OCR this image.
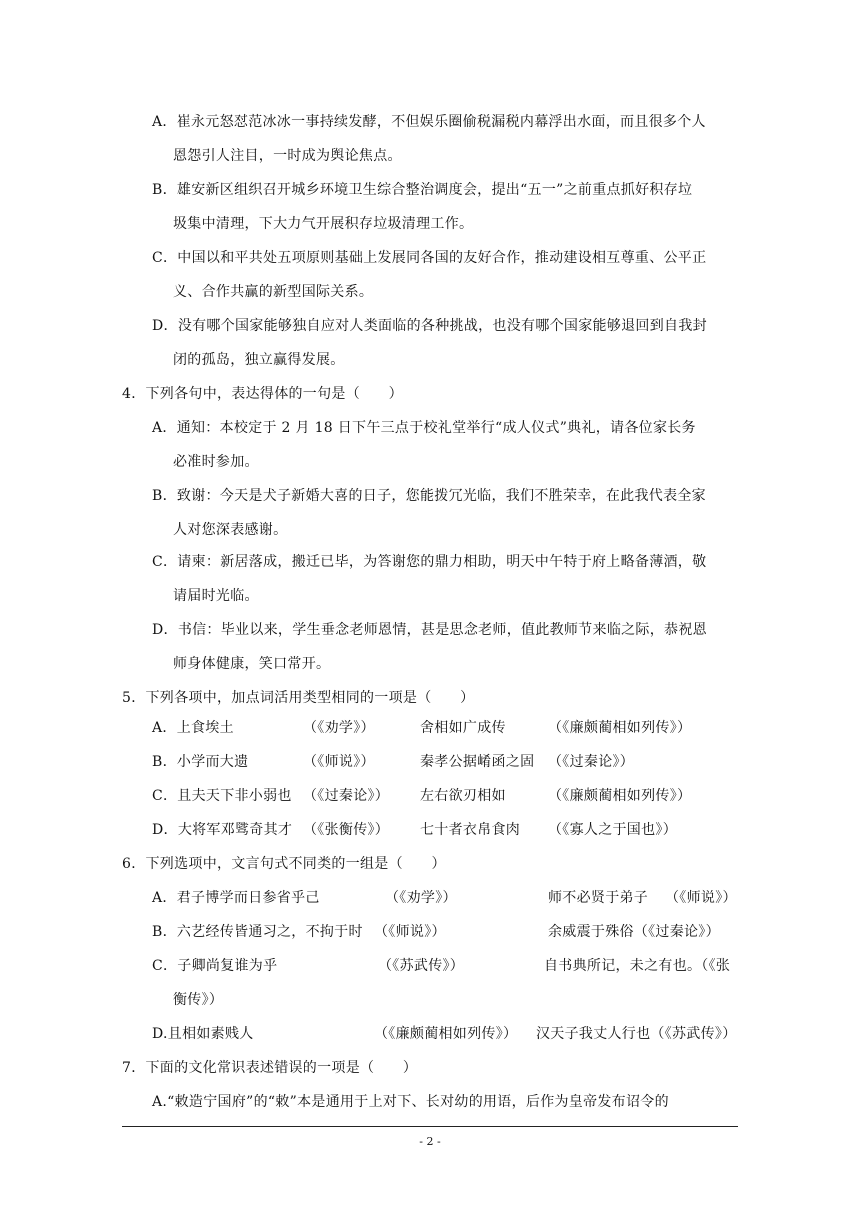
A．崔永元怒怼范冰冰一事持续发酵，不但娱乐圈偷税漏税内幕浮出水面，而且很多个人
恩怨引人注目，一时成为舆论焦点。
B．雄安新区组织召开城乡环境卫生综合整治调度会，提出“五一”之前重点抓好积存垃
圾集中清理，下大力气开展积存垃圾清理工作。
C．中国以和平共处五项原则基础上发展同各国的友好合作，推动建设相互尊重、公平正
义、合作共赢的新型国际关系。
D．没有哪个国家能够独自应对人类面临的各种挑战，也没有哪个国家能够退回到自我封
闭的孤岛，独立赢得发展。
4．下列各句中，表达得体的一句是（　　）
A．通知：本校定于 2 月 18 日下午三点于校礼堂举行“成人仪式”典礼，请各位家长务
必准时参加。
B．致谢：今天是犬子新婚大喜的日子，您能拨冗光临，我们不胜荣幸，在此我代表全家
人对您深表感谢。
C．请柬：新居落成，搬迁已毕，为答谢您的鼎力相助，明天中午特于府上略备薄酒，敬
请届时光临。
D．书信：毕业以来，学生垂念老师恩情，甚是思念老师，值此教师节来临之际，恭祝恩
师身体健康，笑口常开。
5．下列各项中，加点词活用类型相同的一项是（　　）
A．上食埃土	（《劝学》）	舍相如广成传	（《廉颇蔺相如列传》）
B．小学而大遗	（《师说》）	秦孝公据崤函之固 （《过秦论》）
C．且夫天下非小弱也 （《过秦论》） 左右欲刃相如	（《廉颇蔺相如列传》）
D．大将军邓骘奇其才 （《张衡传》） 七十者衣帛食肉 （《寡人之于国也》）
6．下列选项中，文言句式不同类的一组是（　　）
A．君子博学而日参省乎己	（《劝学》）	师不必贤于弟子 （《师说》）
B．六艺经传皆通习之，不拘于时 （《师说》）	余威震于殊俗（《过秦论》）
C．子卿尚复谁为乎	（《苏武传》）	自书典所记，未之有也。（《张
衡传》）
D.且相如素贱人	（《廉颇蔺相如列传》） 汉天子我丈人行也（《苏武传》）
7．下面的文化常识表述错误的一项是（　　）
A.“敕造宁国府”的“敕”本是通用于上对下、长对幼的用语，后作为皇帝发布诏令的
- 2 -
